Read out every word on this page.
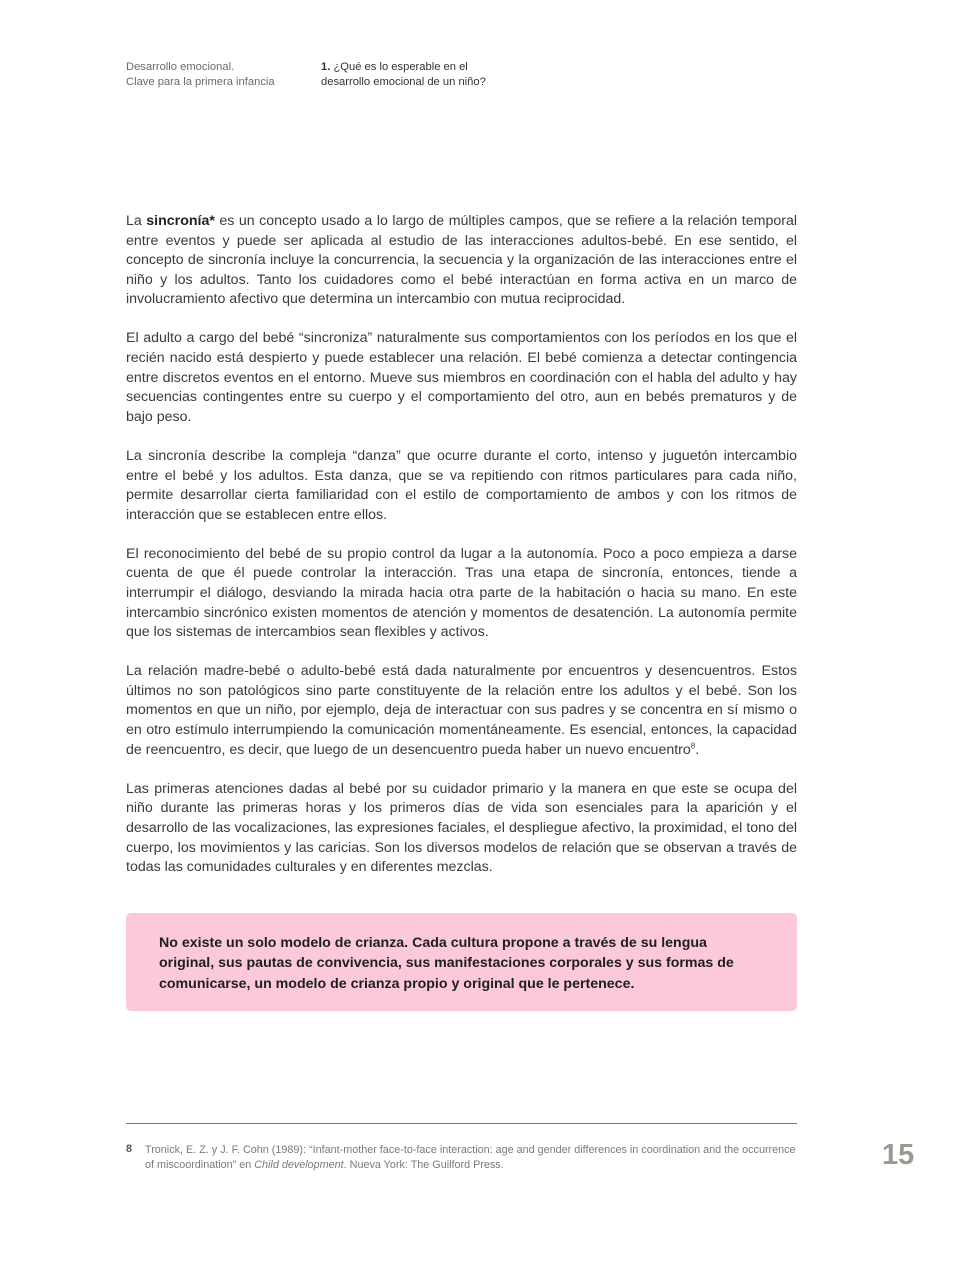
Desarrollo emocional.
Clave para la primera infancia
1. ¿Qué es lo esperable en el
desarrollo emocional de un niño?

La sincronía* es un concepto usado a lo largo de múltiples campos, que se refiere a la relación temporal entre eventos y puede ser aplicada al estudio de las interacciones adultos-bebé. En ese sentido, el concepto de sincronía incluye la concurrencia, la secuencia y la organización de las interacciones entre el niño y los adultos. Tanto los cuidadores como el bebé interactúan en forma activa en un marco de involucramiento afectivo que determina un intercambio con mutua reciprocidad.

El adulto a cargo del bebé “sincroniza” naturalmente sus comportamientos con los períodos en los que el recién nacido está despierto y puede establecer una relación. El bebé comienza a detectar contingencia entre discretos eventos en el entorno. Mueve sus miembros en coordinación con el habla del adulto y hay secuencias contingentes entre su cuerpo y el comportamiento del otro, aun en bebés prematuros y de bajo peso.

La sincronía describe la compleja “danza” que ocurre durante el corto, intenso y juguetón intercambio entre el bebé y los adultos. Esta danza, que se va repitiendo con ritmos particulares para cada niño, permite desarrollar cierta familiaridad con el estilo de comportamiento de ambos y con los ritmos de interacción que se establecen entre ellos.

El reconocimiento del bebé de su propio control da lugar a la autonomía. Poco a poco empieza a darse cuenta de que él puede controlar la interacción. Tras una etapa de sincronía, entonces, tiende a interrumpir el diálogo, desviando la mirada hacia otra parte de la habitación o hacia su mano. En este intercambio sincrónico existen momentos de atención y momentos de desatención. La autonomía permite que los sistemas de intercambios sean flexibles y activos.

La relación madre-bebé o adulto-bebé está dada naturalmente por encuentros y desencuentros. Estos últimos no son patológicos sino parte constituyente de la relación entre los adultos y el bebé. Son los momentos en que un niño, por ejemplo, deja de interactuar con sus padres y se concentra en sí mismo o en otro estímulo interrumpiendo la comunicación momentáneamente. Es esencial, entonces, la capacidad de reencuentro, es decir, que luego de un desencuentro pueda haber un nuevo encuentro$^8$.

Las primeras atenciones dadas al bebé por su cuidador primario y la manera en que este se ocupa del niño durante las primeras horas y los primeros días de vida son esenciales para la aparición y el desarrollo de las vocalizaciones, las expresiones faciales, el despliegue afectivo, la proximidad, el tono del cuerpo, los movimientos y las caricias. Son los diversos modelos de relación que se observan a través de todas las comunidades culturales y en diferentes mezclas.

No existe un solo modelo de crianza. Cada cultura propone a través de su lengua original, sus pautas de convivencia, sus manifestaciones corporales y sus formas de comunicarse, un modelo de crianza propio y original que le pertenece.

8 Tronick, E. Z. y J. F. Cohn (1989): “Infant-mother face-to-face interaction: age and gender differences in coordination and the occurrence of miscoordination” en Child development. Nueva York: The Guilford Press.	15
